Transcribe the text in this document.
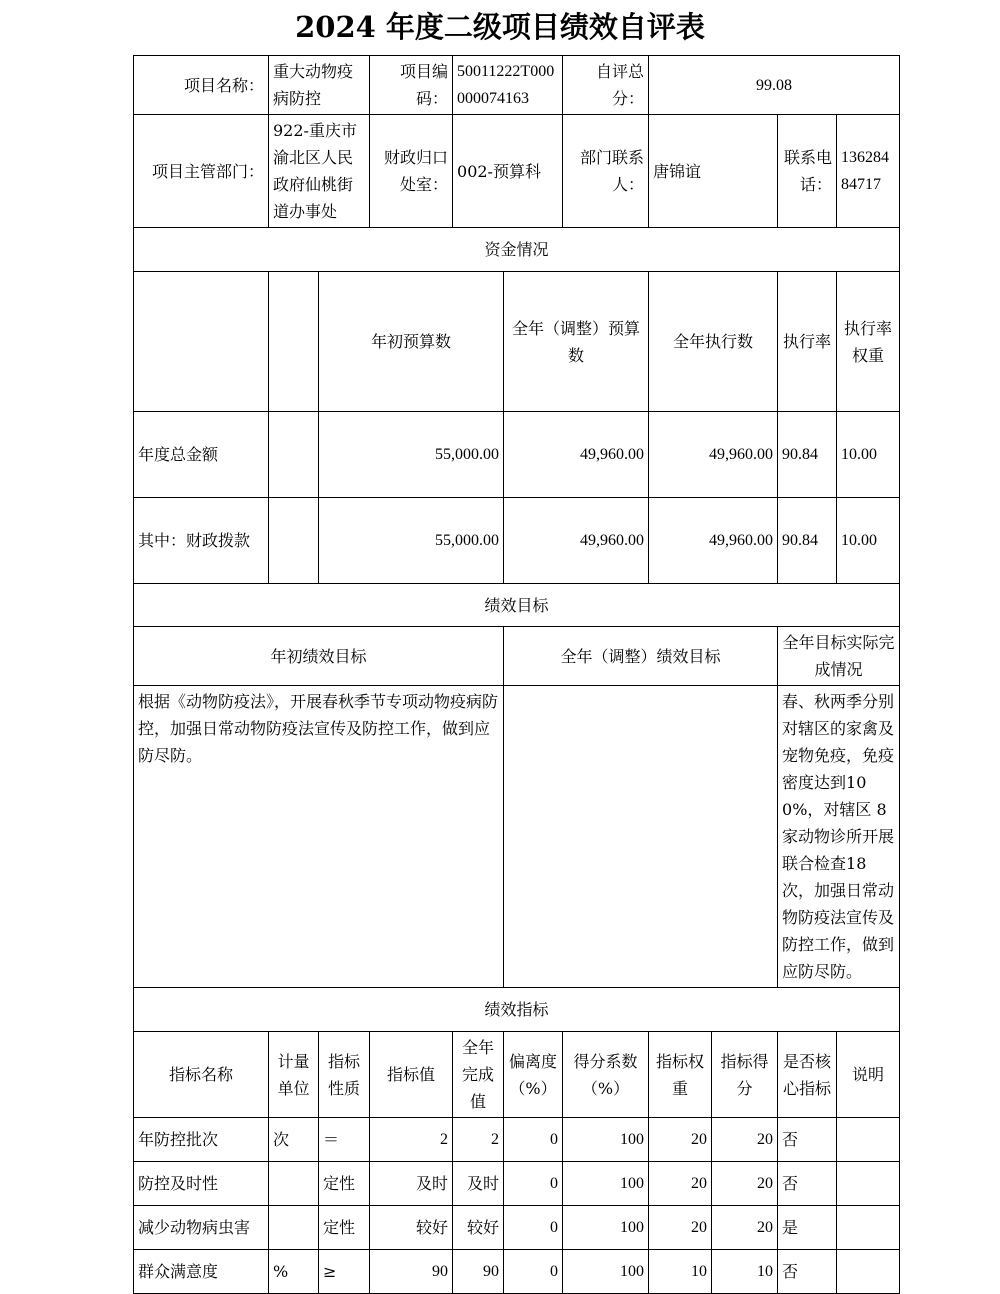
2024 年度二级项目绩效自评表
项目名称：	重大动物疫病防控		项目编码：	50011222T000000074163		自评总分：	99.08				
项目主管部门：	922-重庆市渝北区人民政府仙桃街道办事处		财政归口处室：	002-预算科		部门联系人：	唐锦谊		联系电话：	13628484717	
资金情况											
		年初预算数			全年（调整）预算数		全年执行数		执行率	执行率权重	
年度总金额		55,000.00			49,960.00		49,960.00		90.84	10.00	
其中：财政拨款		55,000.00			49,960.00		49,960.00		90.84	10.00	
绩效目标											
年初绩效目标					全年（调整）绩效目标				全年目标实际完成情况		
根据《动物防疫法》，开展春秋季节专项动物疫病防控，加强日常动物防疫法宣传及防控工作，做到应防尽防。									春、秋两季分别对辖区的家禽及宠物免疫，免疫密度达到100%，对辖区 8 家动物诊所开展联合检查18 次，加强日常动物防疫法宣传及防控工作，做到应防尽防。		
绩效指标											
指标名称	计量单位	指标性质	指标值	全年完成值	偏离度（%）	得分系数（%）	指标权重	指标得分	是否核心指标	说明	
年防控批次	次	＝	2	2	0	100	20	20	否		
防控及时性		定性	及时	及时	0	100	20	20	否		
减少动物病虫害		定性	较好	较好	0	100	20	20	是		
群众满意度	%	≥	90	90	0	100	10	10	否		
